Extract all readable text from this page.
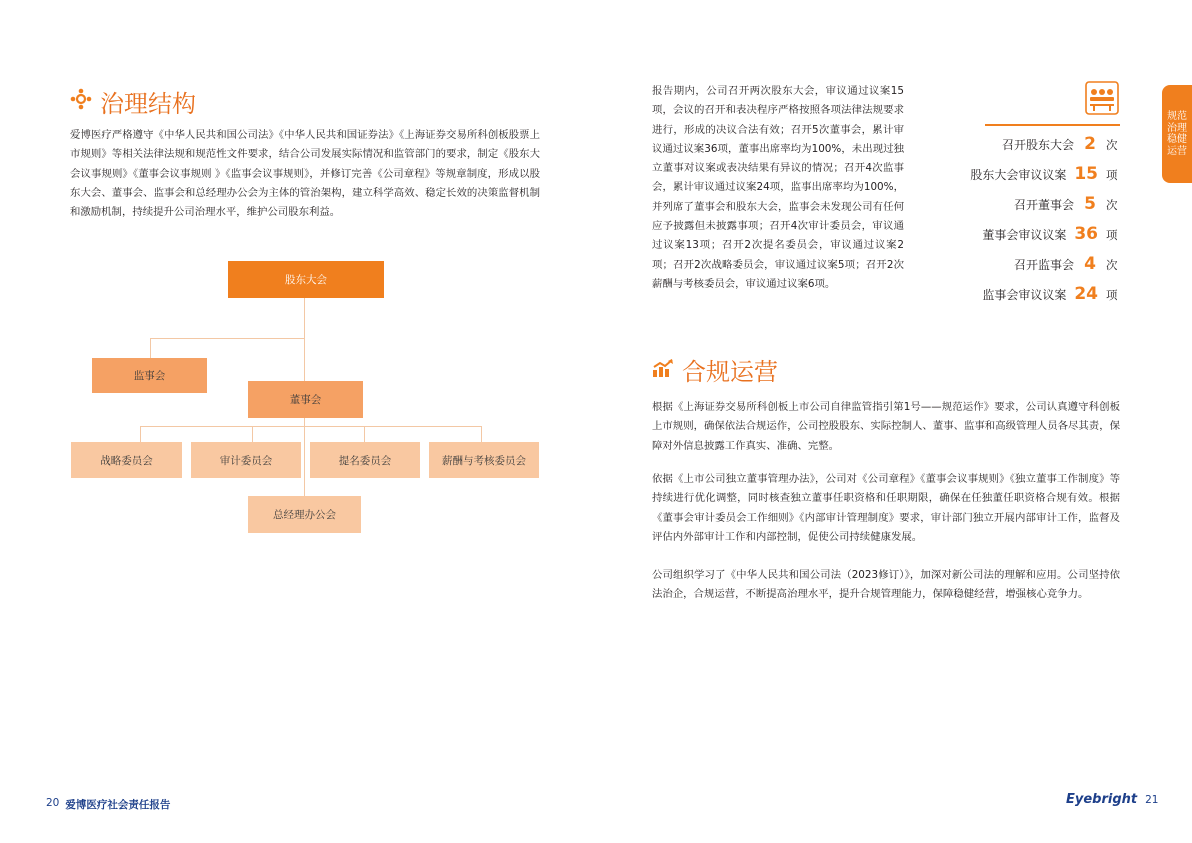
治理结构
爱博医疗严格遵守《中华人民共和国公司法》《中华人民共和国证券法》《上海证券交易所科创板股票上市规则》等相关法律法规和规范性文件要求，结合公司发展实际情况和监管部门的要求，制定《股东大会议事规则》《董事会议事规则 》《监事会议事规则》，并修订完善《公司章程》等规章制度，形成以股东大会、董事会、监事会和总经理办公会为主体的管治架构，建立科学高效、稳定长效的决策监督机制和激励机制，持续提升公司治理水平，维护公司股东利益。
股东大会
监事会
董事会
战略委员会	审计委员会	提名委员会	薪酬与考核委员会
总经理办公会
20 爱博医疗社会责任报告
报告期内，公司召开两次股东大会，审议通过议案15项，会议的召开和表决程序严格按照各项法律法规要求进行，形成的决议合法有效；召开5次董事会，累计审议通过议案36项，董事出席率均为100%，未出现过独立董事对议案或表决结果有异议的情况；召开4次监事会，累计审议通过议案24项，监事出席率均为100%，并列席了董事会和股东大会，监事会未发现公司有任何应予披露但未披露事项；召开4次审计委员会，审议通过议案13项；召开2次提名委员会，审议通过议案2项；召开2次战略委员会，审议通过议案5项；召开2次薪酬与考核委员会，审议通过议案6项。
召开股东大会 2 次
股东大会审议议案 15 项
召开董事会 5 次
董事会审议议案 36 项
召开监事会 4 次
监事会审议议案 24 项
规范治理 稳健运营
合规运营
根据《上海证券交易所科创板上市公司自律监管指引第1号——规范运作》要求，公司认真遵守科创板上市规则，确保依法合规运作，公司控股股东、实际控制人、董事、监事和高级管理人员各尽其责，保障对外信息披露工作真实、准确、完整。
依据《上市公司独立董事管理办法》，公司对《公司章程》《董事会议事规则》《独立董事工作制度》等持续进行优化调整，同时核查独立董事任职资格和任职期限，确保在任独董任职资格合规有效。根据《董事会审计委员会工作细则》《内部审计管理制度》要求，审计部门独立开展内部审计工作，监督及评估内外部审计工作和内部控制，促使公司持续健康发展。
公司组织学习了《中华人民共和国公司法（2023修订）》，加深对新公司法的理解和应用。公司坚持依法治企，合规运营，不断提高治理水平，提升合规管理能力，保障稳健经营，增强核心竞争力。
Eyebright 21
